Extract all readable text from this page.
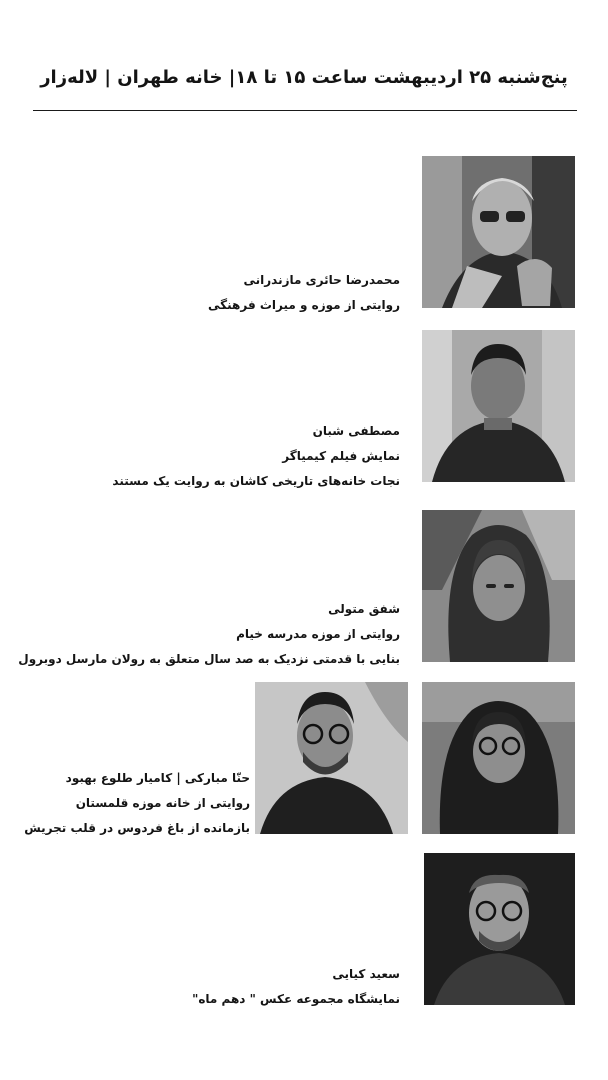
پنج‌شنبه ۲۵ اردیبهشت ساعت ۱۵ تا ۱۸| خانه طهران | لاله‌زار
محمدرضا حائری مازندرانی
روایتی از موزه و میراث فرهنگی
مصطفی شبان
نمایش فیلم کیمیاگر
نجات خانه‌های تاریخی کاشان به روایت یک مستند
شفق متولی
روایتی از موزه مدرسه خیام
بنایی با قدمتی نزدیک به صد سال متعلق به رولان مارسل دوبرول
حنّا مبارکی | کامیار طلوع بهبود
روایتی از خانه موزه قلمستان
بازمانده از باغ فردوس در قلب تجریش
سعید کیایی
نمایشگاه مجموعه عکس " دهم ماه"
